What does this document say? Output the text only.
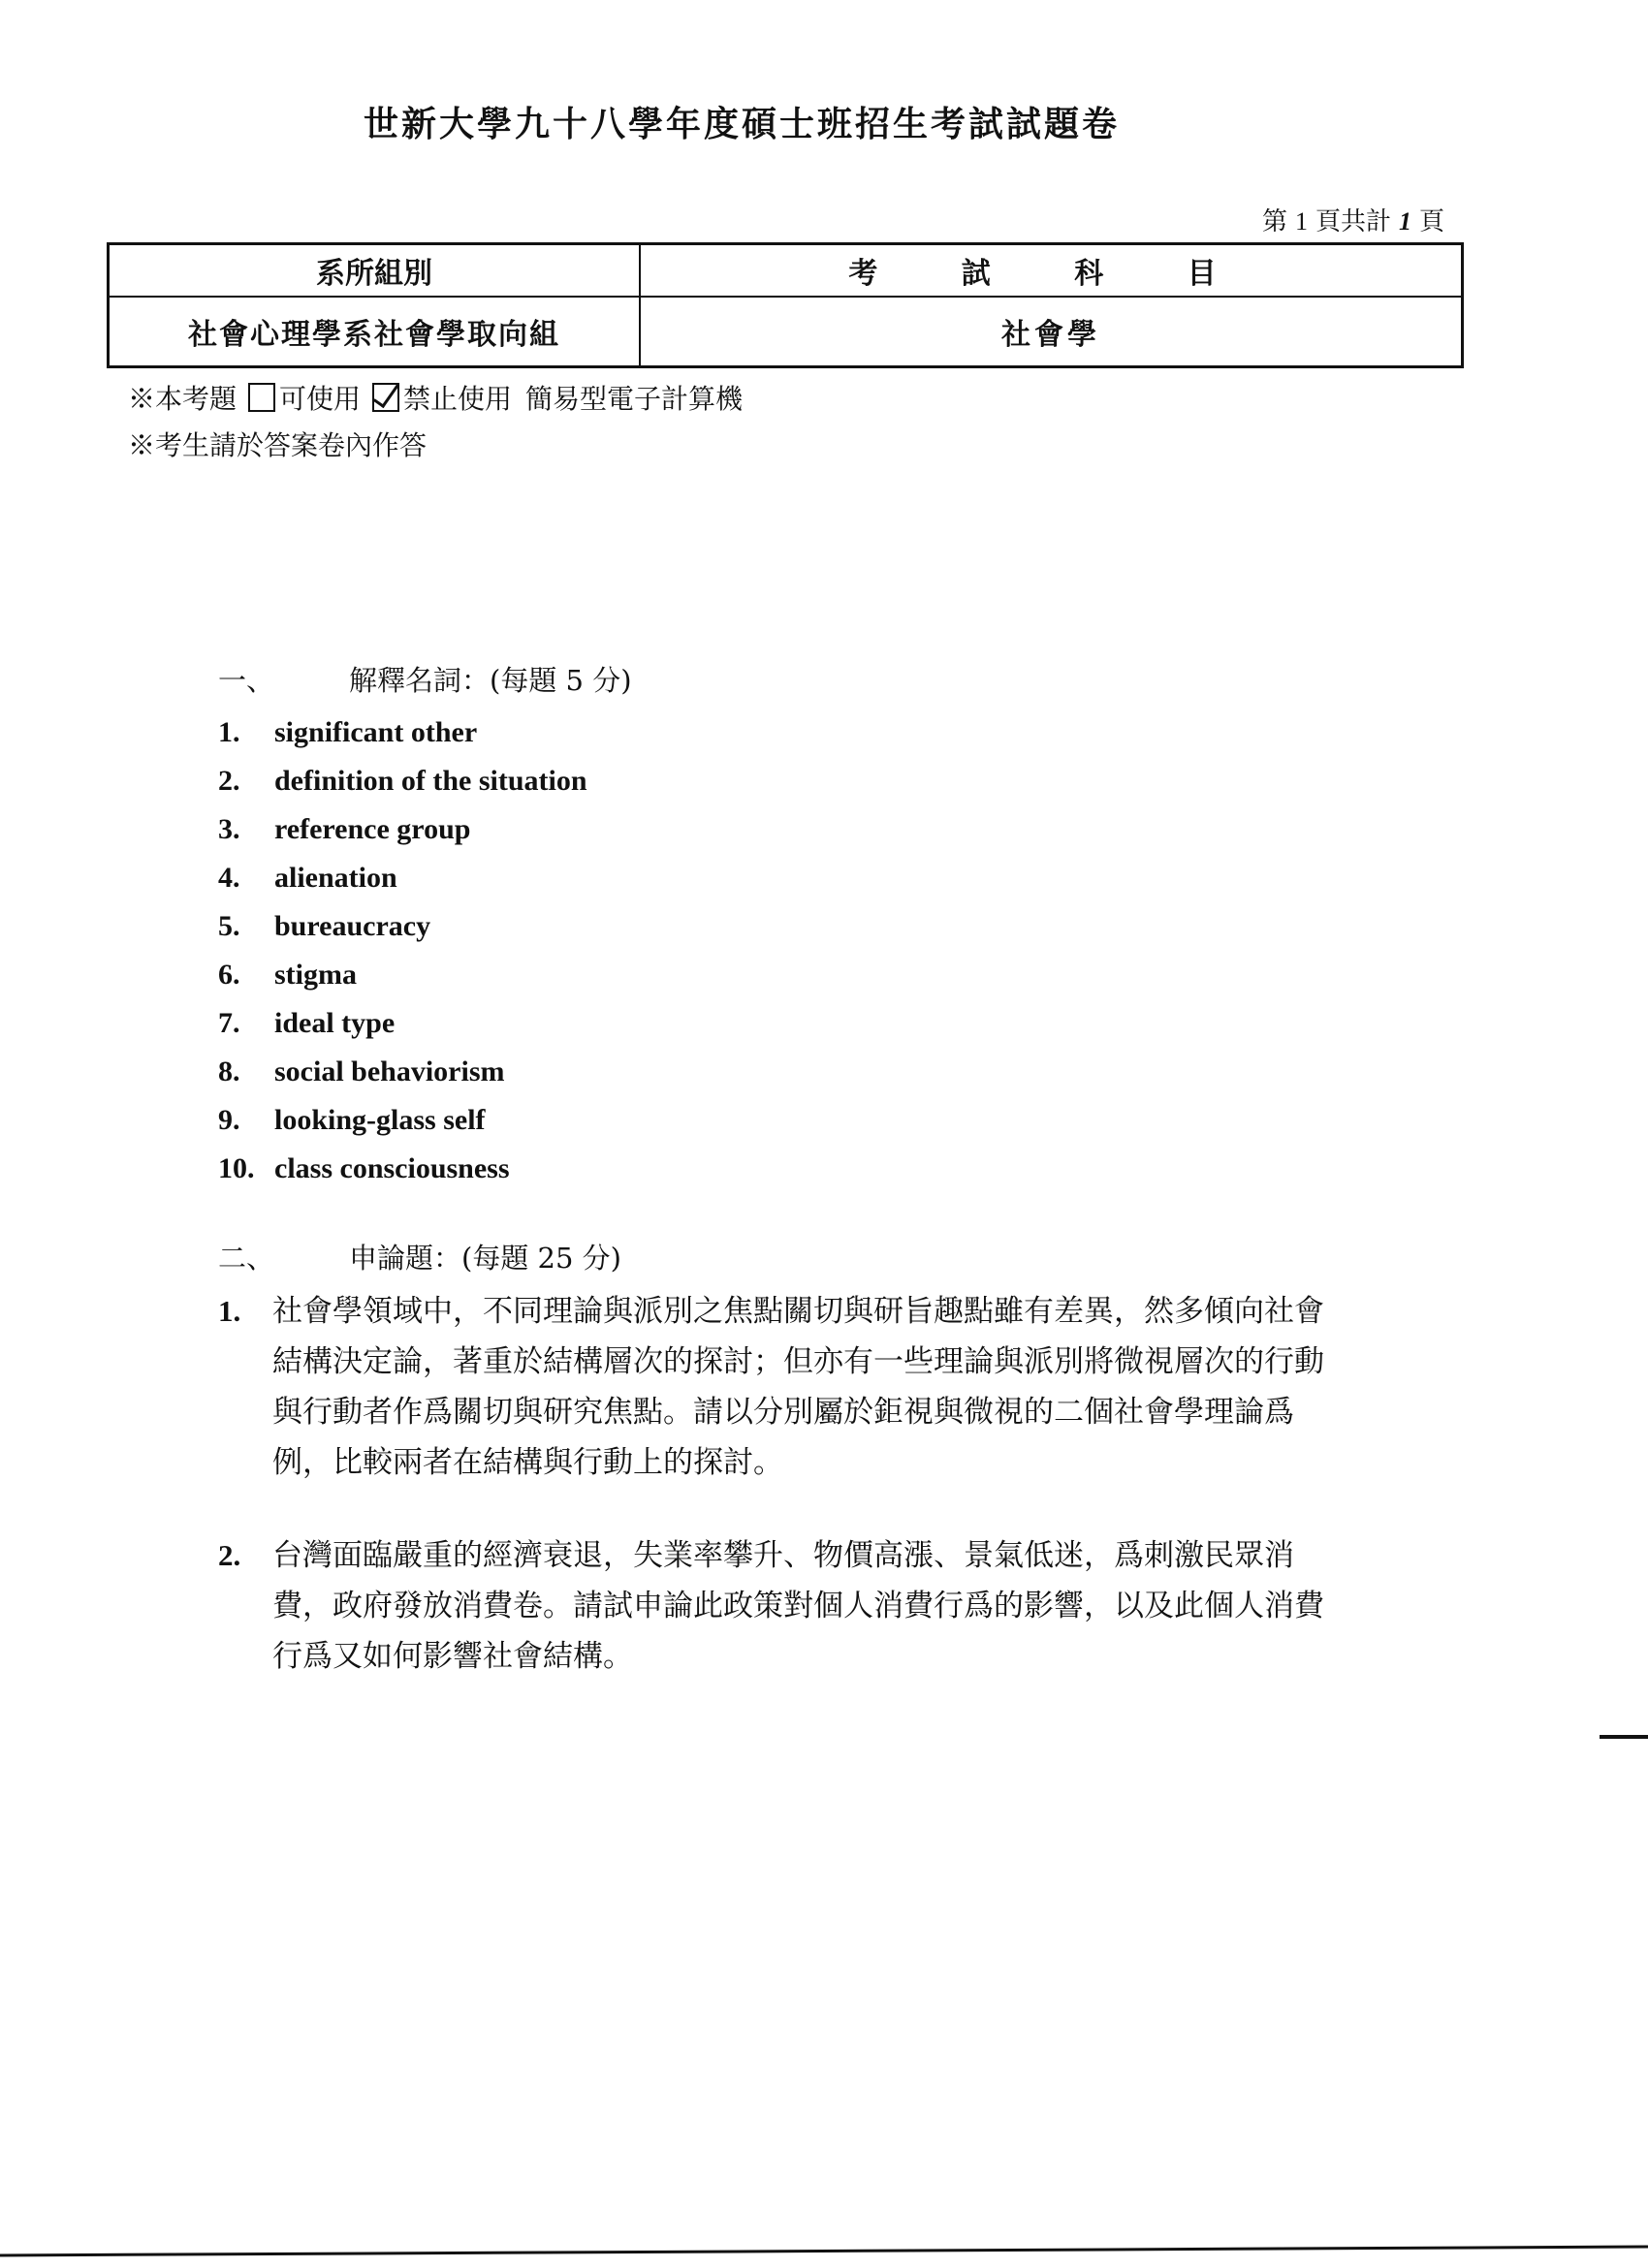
世新大學九十八學年度碩士班招生考試試題卷
第 1 頁共計 1 頁
系所組別	考 試 科 目
社會心理學系社會學取向組	社會學
※本考題 可使用 禁止使用 簡易型電子計算機
※考生請於答案卷內作答
一、	解釋名詞：(每題 5 分)
1. significant other
2. definition of the situation
3. reference group
4. alienation
5. bureaucracy
6. stigma
7. ideal type
8. social behaviorism
9. looking-glass self
10. class consciousness
二、	申論題：(每題 25 分)
1. 社會學領域中，不同理論與派別之焦點關切與研旨趣點雖有差異，然多傾向社會結構決定論，著重於結構層次的探討；但亦有一些理論與派別將微視層次的行動與行動者作爲關切與研究焦點。請以分別屬於鉅視與微視的二個社會學理論爲例，比較兩者在結構與行動上的探討。
2. 台灣面臨嚴重的經濟衰退，失業率攀升、物價高漲、景氣低迷，爲刺激民眾消費，政府發放消費卷。請試申論此政策對個人消費行爲的影響，以及此個人消費行爲又如何影響社會結構。
